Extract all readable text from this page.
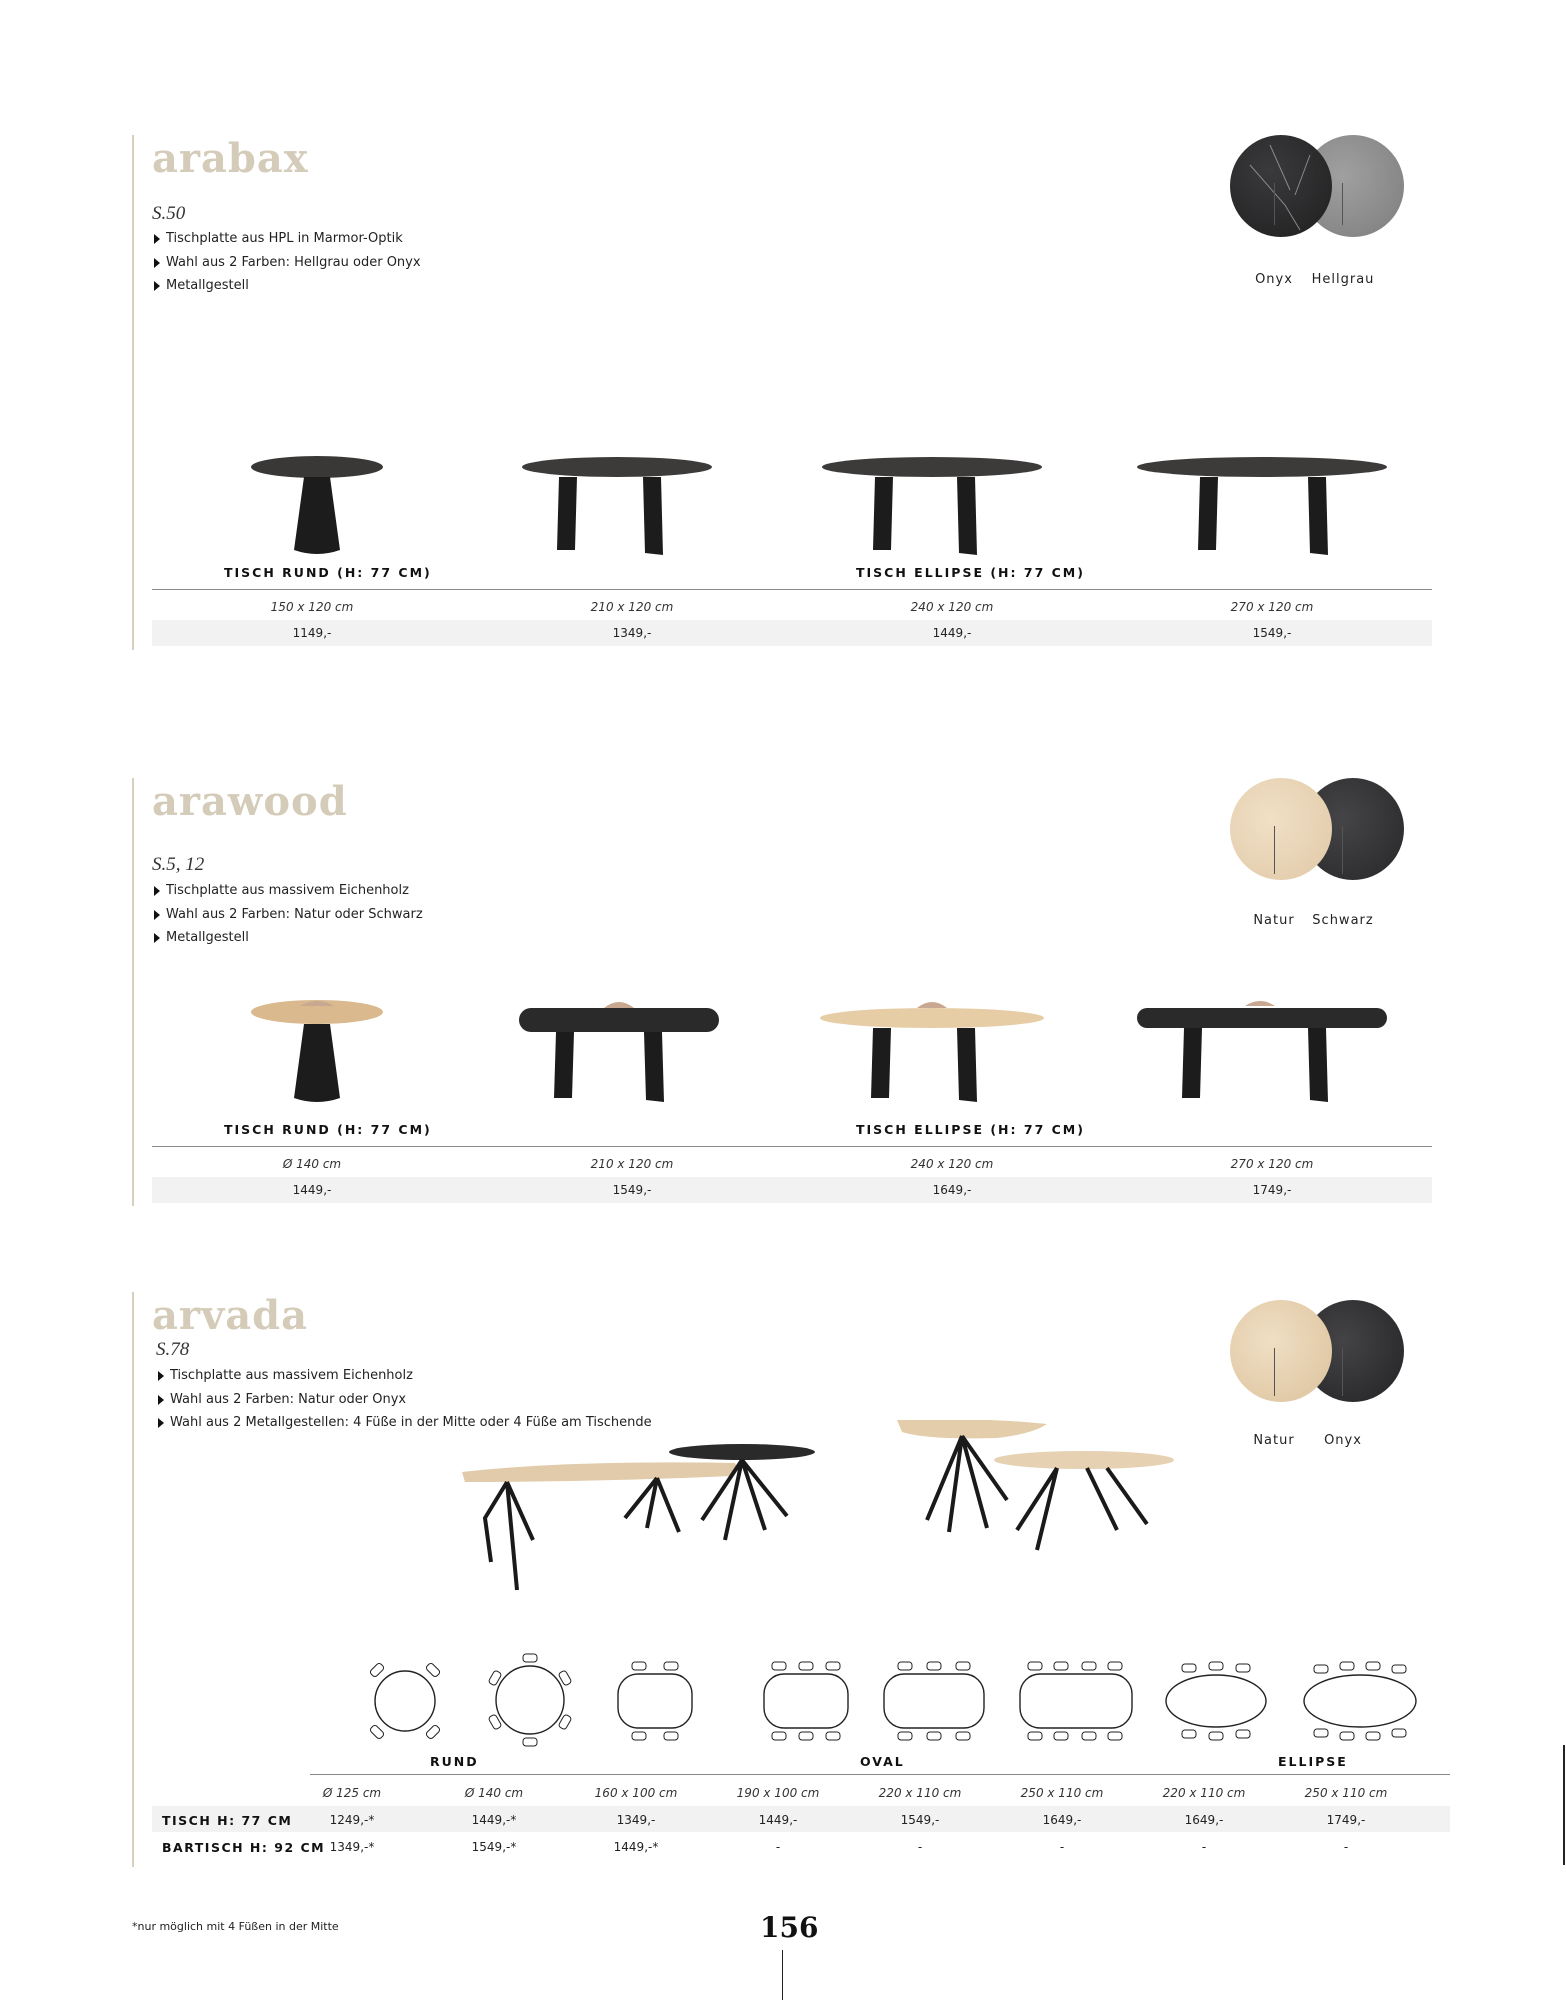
arabax
S.50
Tischplatte aus HPL in Marmor-Optik
Wahl aus 2 Farben: Hellgrau oder Onyx
Metallgestell	Onyx	Hellgrau
TISCH RUND (H: 77 CM)	TISCH ELLIPSE (H: 77 CM)
150 x 120 cm	210 x 120 cm	240 x 120 cm	270 x 120 cm
1149,-	1349,-	1449,-	1549,-
arawood
S.5, 12
Tischplatte aus massivem Eichenholz
Wahl aus 2 Farben: Natur oder Schwarz
Metallgestell
Natur	Schwarz
TISCH RUND (H: 77 CM)	TISCH ELLIPSE (H: 77 CM)
Ø 140 cm	210 x 120 cm	240 x 120 cm	270 x 120 cm
1449,-	1549,-	1649,-	1749,-
arvada
S.78
Tischplatte aus massivem Eichenholz
Wahl aus 2 Farben: Natur oder Onyx
Wahl aus 2 Metallgestellen: 4 Füße in der Mitte oder 4 Füße am Tischende
Natur	Onyx
RUND	OVAL	ELLIPSE
Ø 125 cm	Ø 140 cm	160 x 100 cm	190 x 100 cm	220 x 110 cm	250 x 110 cm	220 x 110 cm	250 x 110 cm
TISCH H: 77 CM	1249,-*	1449,-*	1349,-	1449,-	1549,-	1649,-	1649,-	1749,-
BARTISCH H: 92 CM 1349,-*	1549,-*	1449,-*	-	-	-	-	-
*nur möglich mit 4 Füßen in der Mitte	156
